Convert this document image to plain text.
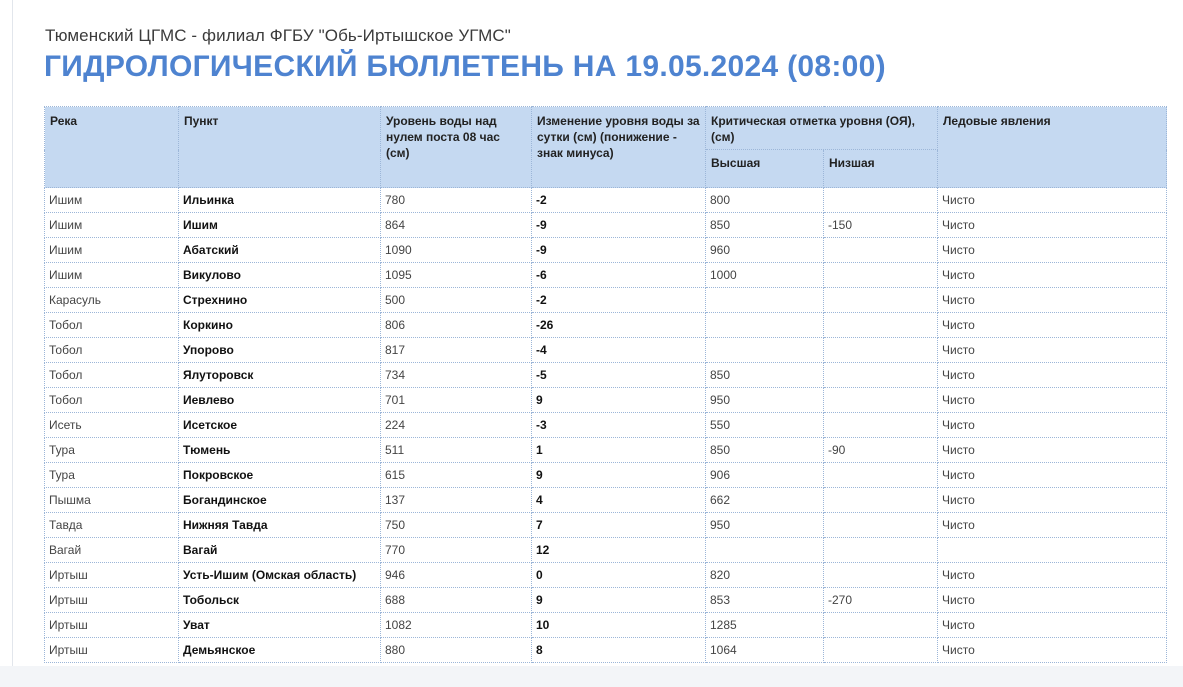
Тюменский ЦГМС - филиал ФГБУ "Обь-Иртышское УГМС"
ГИДРОЛОГИЧЕСКИЙ БЮЛЛЕТЕНЬ НА 19.05.2024 (08:00)
Река	Пункт	Уровень воды над нулем поста 08 час (см)	Изменение уровня воды за сутки (см) (понижение - знак минуса)	Критическая отметка уровня (ОЯ), (см)		Ледовые явления
				Высшая	Низшая	
Ишим	Ильинка	780	-2	800		Чисто
Ишим	Ишим	864	-9	850	-150	Чисто
Ишим	Абатский	1090	-9	960		Чисто
Ишим	Викулово	1095	-6	1000		Чисто
Карасуль	Стрехнино	500	-2			Чисто
Тобол	Коркино	806	-26			Чисто
Тобол	Упорово	817	-4			Чисто
Тобол	Ялуторовск	734	-5	850		Чисто
Тобол	Иевлево	701	9	950		Чисто
Исеть	Исетское	224	-3	550		Чисто
Тура	Тюмень	511	1	850	-90	Чисто
Тура	Покровское	615	9	906		Чисто
Пышма	Богандинское	137	4	662		Чисто
Тавда	Нижняя Тавда	750	7	950		Чисто
Вагай	Вагай	770	12			
Иртыш	Усть-Ишим (Омская область)	946	0	820		Чисто
Иртыш	Тобольск	688	9	853	-270	Чисто
Иртыш	Уват	1082	10	1285		Чисто
Иртыш	Демьянское	880	8	1064		Чисто
